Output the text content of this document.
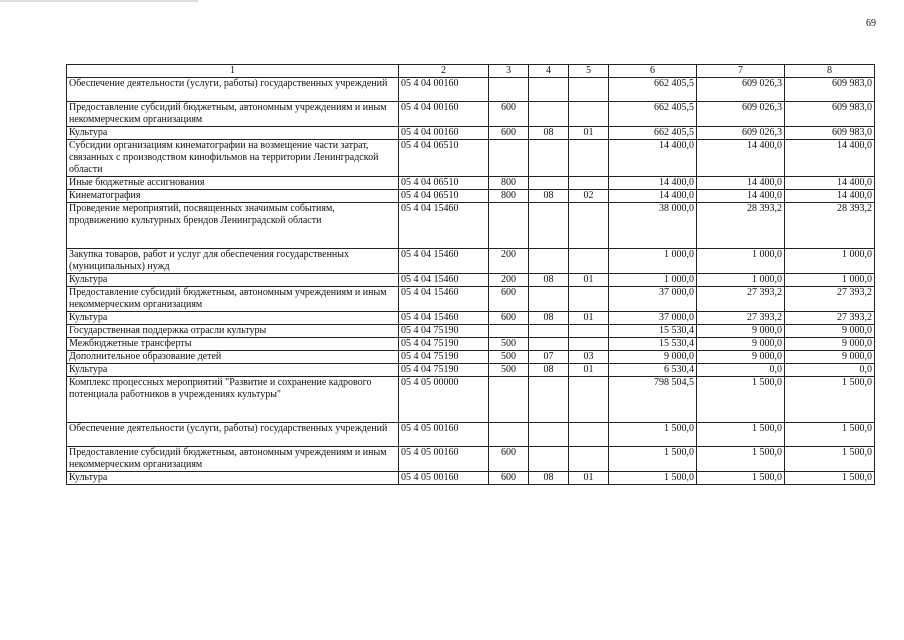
69
1	2	3	4	5	6	7	8
Обеспечение деятельности (услуги, работы) государственных учреждений	05 4 04 00160				662 405,5	609 026,3	609 983,0
Предоставление субсидий бюджетным, автономным учреждениям и иным некоммерческим организациям	05 4 04 00160	600			662 405,5	609 026,3	609 983,0
Культура	05 4 04 00160	600	08	01	662 405,5	609 026,3	609 983,0
Субсидии организациям кинематографии на возмещение части затрат, связанных с производством кинофильмов на территории Ленинградской области	05 4 04 06510				14 400,0	14 400,0	14 400,0
Иные бюджетные ассигнования	05 4 04 06510	800			14 400,0	14 400,0	14 400,0
Кинематография	05 4 04 06510	800	08	02	14 400,0	14 400,0	14 400,0
Проведение мероприятий, посвященных значимым событиям, продвижению культурных брендов Ленинградской области	05 4 04 15460				38 000,0	28 393,2	28 393,2
Закупка товаров, работ и услуг для обеспечения государственных (муниципальных) нужд	05 4 04 15460	200			1 000,0	1 000,0	1 000,0
Культура	05 4 04 15460	200	08	01	1 000,0	1 000,0	1 000,0
Предоставление субсидий бюджетным, автономным учреждениям и иным некоммерческим организациям	05 4 04 15460	600			37 000,0	27 393,2	27 393,2
Культура	05 4 04 15460	600	08	01	37 000,0	27 393,2	27 393,2
Государственная поддержка отрасли культуры	05 4 04 75190				15 530,4	9 000,0	9 000,0
Межбюджетные трансферты	05 4 04 75190	500			15 530,4	9 000,0	9 000,0
Дополнительное образование детей	05 4 04 75190	500	07	03	9 000,0	9 000,0	9 000,0
Культура	05 4 04 75190	500	08	01	6 530,4	0,0	0,0
Комплекс процессных мероприятий "Развитие и сохранение кадрового потенциала работников в учреждениях культуры"	05 4 05 00000				798 504,5	1 500,0	1 500,0
Обеспечение деятельности (услуги, работы) государственных учреждений	05 4 05 00160				1 500,0	1 500,0	1 500,0
Предоставление субсидий бюджетным, автономным учреждениям и иным некоммерческим организациям	05 4 05 00160	600			1 500,0	1 500,0	1 500,0
Культура	05 4 05 00160	600	08	01	1 500,0	1 500,0	1 500,0
